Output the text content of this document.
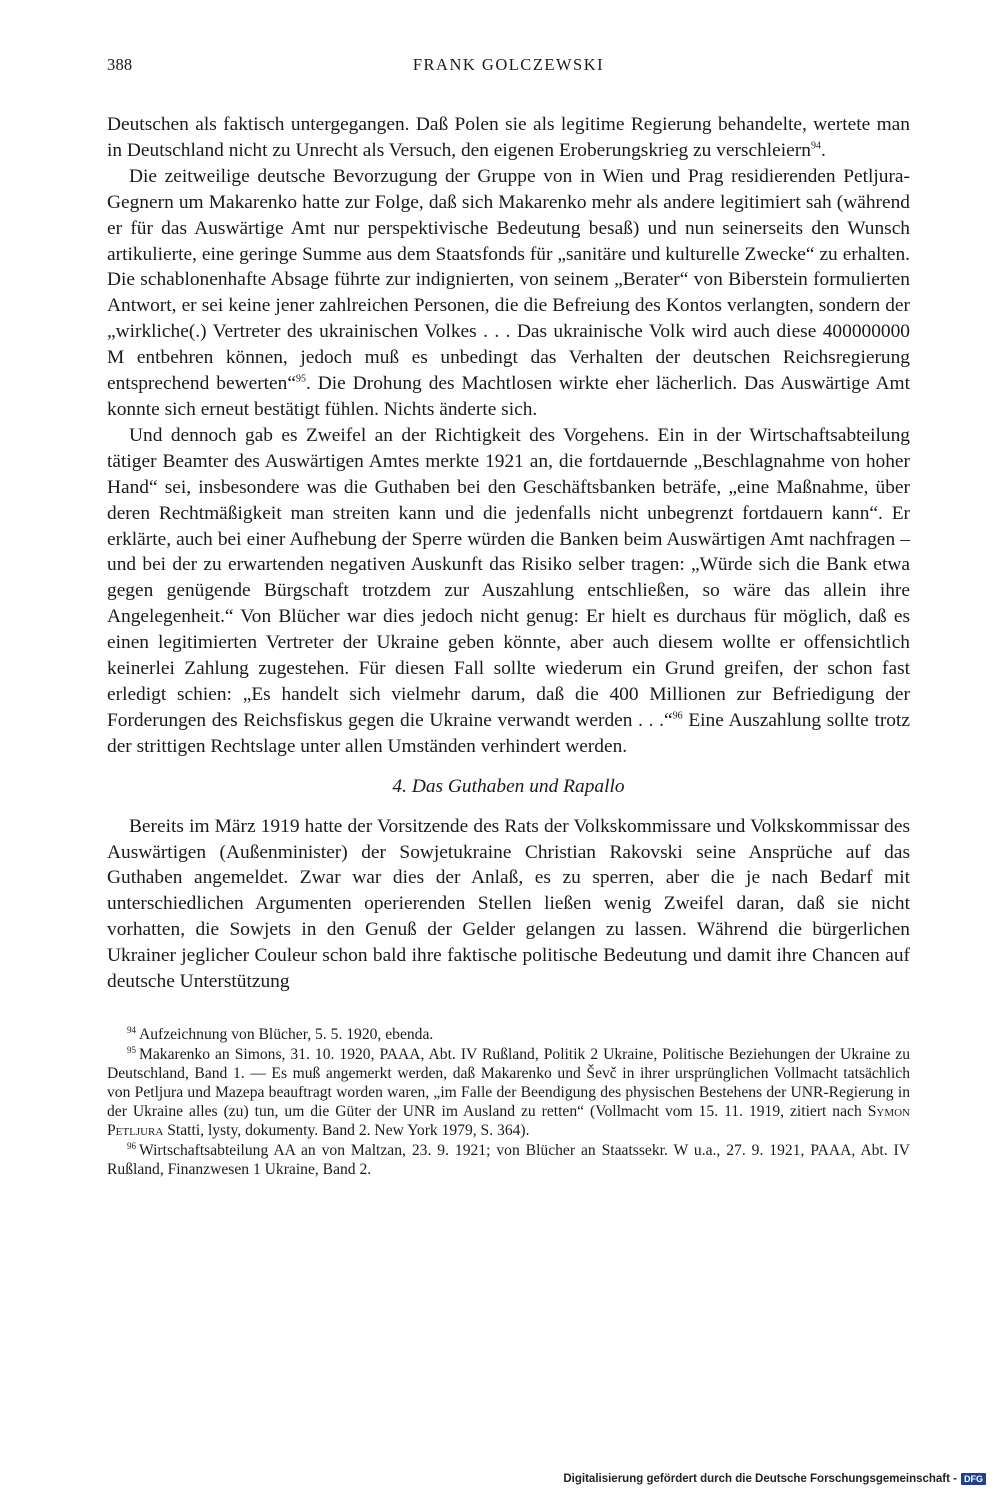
388	FRANK GOLCZEWSKI

Deutschen als faktisch untergegangen. Daß Polen sie als legitime Regierung behandelte, wertete man in Deutschland nicht zu Unrecht als Versuch, den eigenen Eroberungskrieg zu verschleiern$^{94}$.

Die zeitweilige deutsche Bevorzugung der Gruppe von in Wien und Prag residierenden Petljura-Gegnern um Makarenko hatte zur Folge, daß sich Makarenko mehr als andere legitimiert sah (während er für das Auswärtige Amt nur perspektivische Bedeutung besaß) und nun seinerseits den Wunsch artikulierte, eine geringe Summe aus dem Staatsfonds für „sanitäre und kulturelle Zwecke“ zu erhalten. Die schablonenhafte Absage führte zur indignierten, von seinem „Berater“ von Biberstein formulierten Antwort, er sei keine jener zahlreichen Personen, die die Befreiung des Kontos verlangten, sondern der „wirkliche(.) Vertreter des ukrainischen Volkes . . . Das ukrainische Volk wird auch diese 400000000 M entbehren können, jedoch muß es unbedingt das Verhalten der deutschen Reichsregierung entsprechend bewerten“$^{95}$. Die Drohung des Machtlosen wirkte eher lächerlich. Das Auswärtige Amt konnte sich erneut bestätigt fühlen. Nichts änderte sich.

Und dennoch gab es Zweifel an der Richtigkeit des Vorgehens. Ein in der Wirtschaftsabteilung tätiger Beamter des Auswärtigen Amtes merkte 1921 an, die fortdauernde „Beschlagnahme von hoher Hand“ sei, insbesondere was die Guthaben bei den Geschäftsbanken beträfe, „eine Maßnahme, über deren Rechtmäßigkeit man streiten kann und die jedenfalls nicht unbegrenzt fortdauern kann“. Er erklärte, auch bei einer Aufhebung der Sperre würden die Banken beim Auswärtigen Amt nachfragen – und bei der zu erwartenden negativen Auskunft das Risiko selber tragen: „Würde sich die Bank etwa gegen genügende Bürgschaft trotzdem zur Auszahlung entschließen, so wäre das allein ihre Angelegenheit.“ Von Blücher war dies jedoch nicht genug: Er hielt es durchaus für möglich, daß es einen legitimierten Vertreter der Ukraine geben könnte, aber auch diesem wollte er offensichtlich keinerlei Zahlung zugestehen. Für diesen Fall sollte wiederum ein Grund greifen, der schon fast erledigt schien: „Es handelt sich vielmehr darum, daß die 400 Millionen zur Befriedigung der Forderungen des Reichsfiskus gegen die Ukraine verwandt werden . . .“$^{96}$ Eine Auszahlung sollte trotz der strittigen Rechtslage unter allen Umständen verhindert werden.

4. Das Guthaben und Rapallo

Bereits im März 1919 hatte der Vorsitzende des Rats der Volkskommissare und Volkskommissar des Auswärtigen (Außenminister) der Sowjetukraine Christian Rakovski seine Ansprüche auf das Guthaben angemeldet. Zwar war dies der Anlaß, es zu sperren, aber die je nach Bedarf mit unterschiedlichen Argumenten operierenden Stellen ließen wenig Zweifel daran, daß sie nicht vorhatten, die Sowjets in den Genuß der Gelder gelangen zu lassen. Während die bürgerlichen Ukrainer jeglicher Couleur schon bald ihre faktische politische Bedeutung und damit ihre Chancen auf deutsche Unterstützung

$^{94}$ Aufzeichnung von Blücher, 5. 5. 1920, ebenda.

$^{95}$ Makarenko an Simons, 31. 10. 1920, PAAA, Abt. IV Rußland, Politik 2 Ukraine, Politische Beziehungen der Ukraine zu Deutschland, Band 1. — Es muß angemerkt werden, daß Makarenko und Ševč in ihrer ursprünglichen Vollmacht tatsächlich von Petljura und Mazepa beauftragt worden waren, „im Falle der Beendigung des physischen Bestehens der UNR-Regierung in der Ukraine alles (zu) tun, um die Güter der UNR im Ausland zu retten“ (Vollmacht vom 15. 11. 1919, zitiert nach Symon Petljura Statti, lysty, dokumenty. Band 2. New York 1979, S. 364).

$^{96}$ Wirtschaftsabteilung AA an von Maltzan, 23. 9. 1921; von Blücher an Staatssekr. W u.a., 27. 9. 1921, PAAA, Abt. IV Rußland, Finanzwesen 1 Ukraine, Band 2.

Digitalisierung gefördert durch die Deutsche Forschungsgemeinschaft - DFG
